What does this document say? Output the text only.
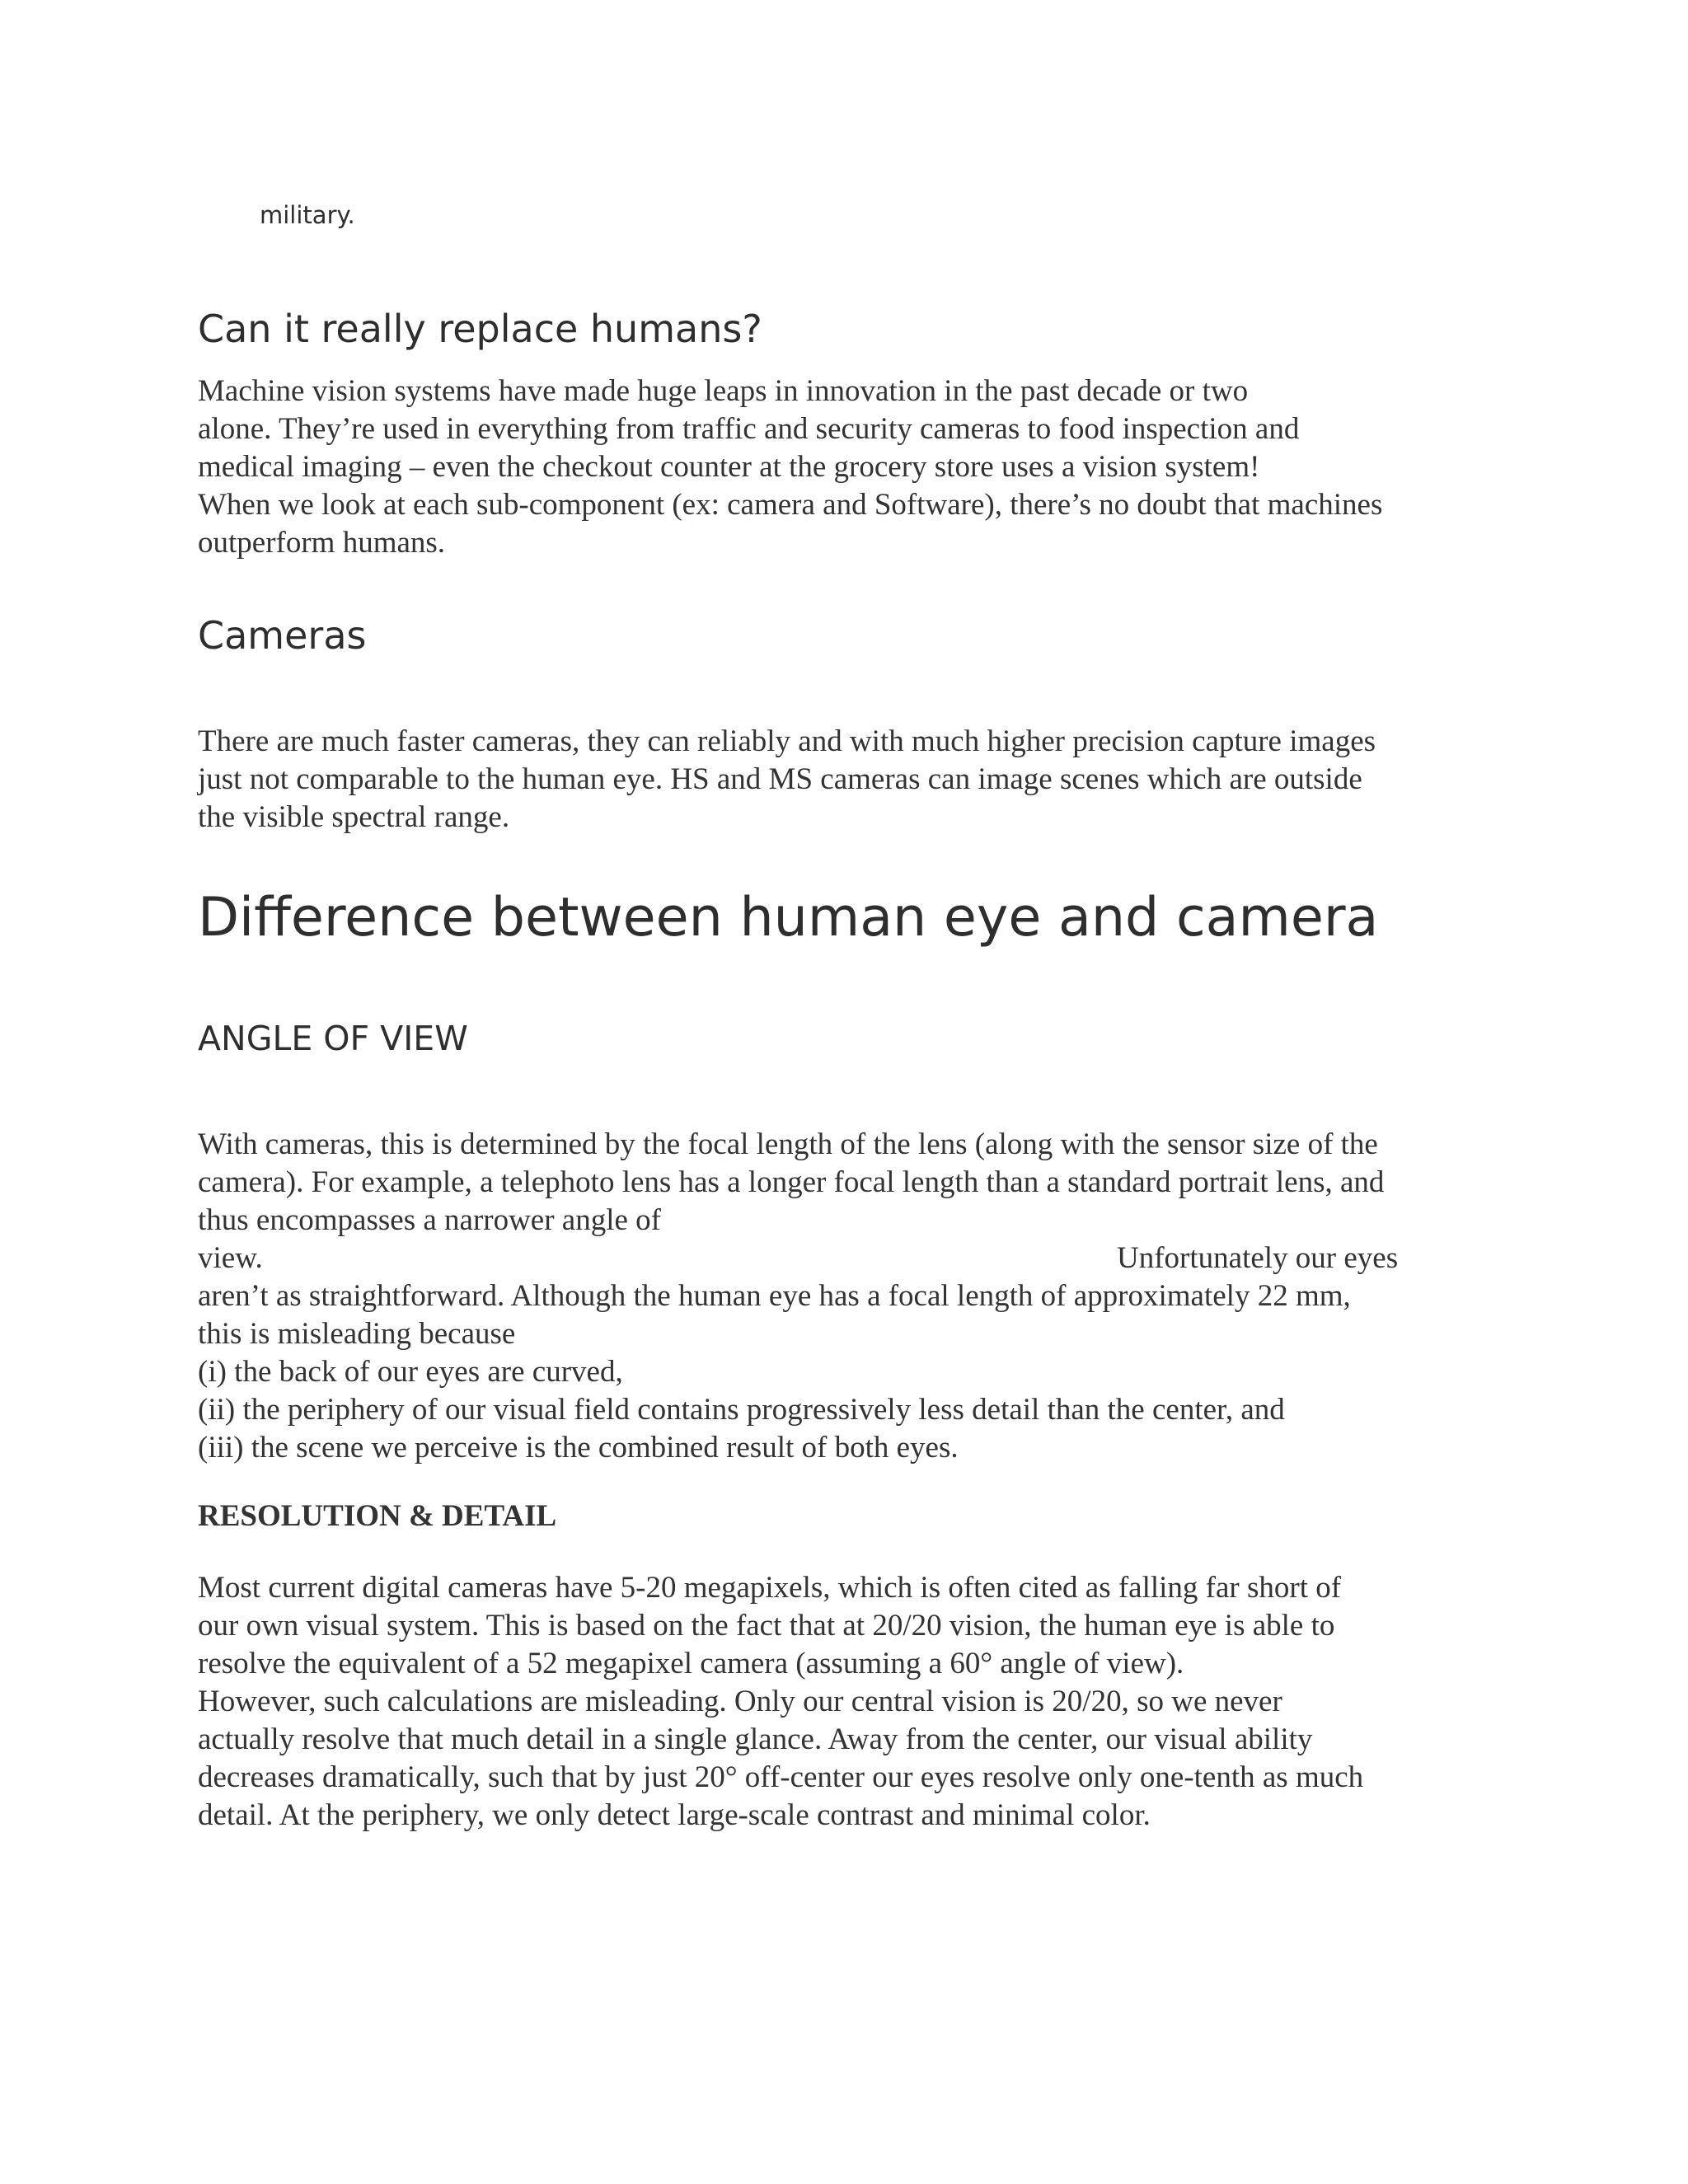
military.

Can it really replace humans?
Machine vision systems have made huge leaps in innovation in the past decade or two
alone. They’re used in everything from traffic and security cameras to food inspection and
medical imaging – even the checkout counter at the grocery store uses a vision system!
When we look at each sub-component (ex: camera and Software), there’s no doubt that machines
outperform humans.
Cameras
There are much faster cameras, they can reliably and with much higher precision capture images
just not comparable to the human eye. HS and MS cameras can image scenes which are outside
the visible spectral range.
Difference between human eye and camera
ANGLE OF VIEW
With cameras, this is determined by the focal length of the lens (along with the sensor size of the
camera). For example, a telephoto lens has a longer focal length than a standard portrait lens, and
thus encompasses a narrower angle of
view.	Unfortunately our eyes
aren’t as straightforward. Although the human eye has a focal length of approximately 22 mm,
this is misleading because
(i) the back of our eyes are curved,
(ii) the periphery of our visual field contains progressively less detail than the center, and
(iii) the scene we perceive is the combined result of both eyes.
RESOLUTION & DETAIL
Most current digital cameras have 5-20 megapixels, which is often cited as falling far short of
our own visual system. This is based on the fact that at 20/20 vision, the human eye is able to
resolve the equivalent of a 52 megapixel camera (assuming a 60° angle of view).
However, such calculations are misleading. Only our central vision is 20/20, so we never
actually resolve that much detail in a single glance. Away from the center, our visual ability
decreases dramatically, such that by just 20° off-center our eyes resolve only one-tenth as much
detail. At the periphery, we only detect large-scale contrast and minimal color.
